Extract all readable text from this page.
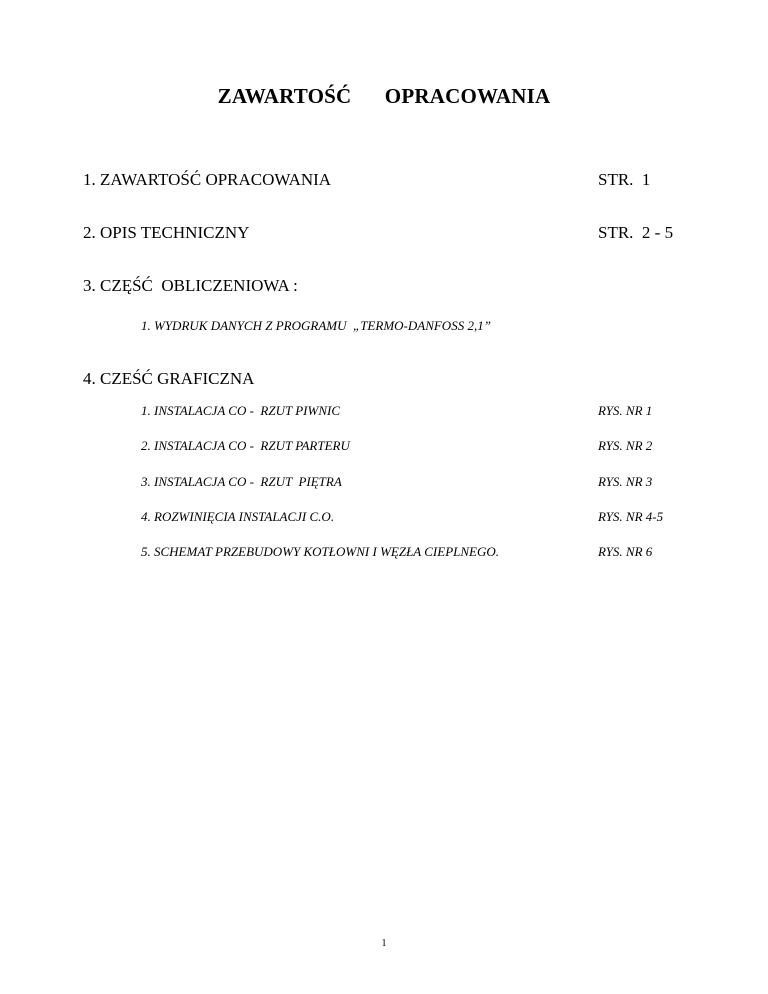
ZAWARTOŚĆ OPRACOWANIA
1. ZAWARTOŚĆ OPRACOWANIA	STR.  1
2. OPIS TECHNICZNY	STR.  2 - 5
3. CZĘŚĆ  OBLICZENIOWA :
1. WYDRUK DANYCH Z PROGRAMU  „TERMO-DANFOSS 2,1”
4. CZEŚĆ GRAFICZNA
1. INSTALACJA CO -  RZUT PIWNIC	RYS. NR 1
2. INSTALACJA CO -  RZUT PARTERU	RYS. NR 2
3. INSTALACJA CO -  RZUT  PIĘTRA	RYS. NR 3
4. ROZWINIĘCIA INSTALACJI C.O.	RYS. NR 4-5
5. SCHEMAT PRZEBUDOWY KOTŁOWNI I WĘZŁA CIEPLNEGO.	RYS. NR 6
1
